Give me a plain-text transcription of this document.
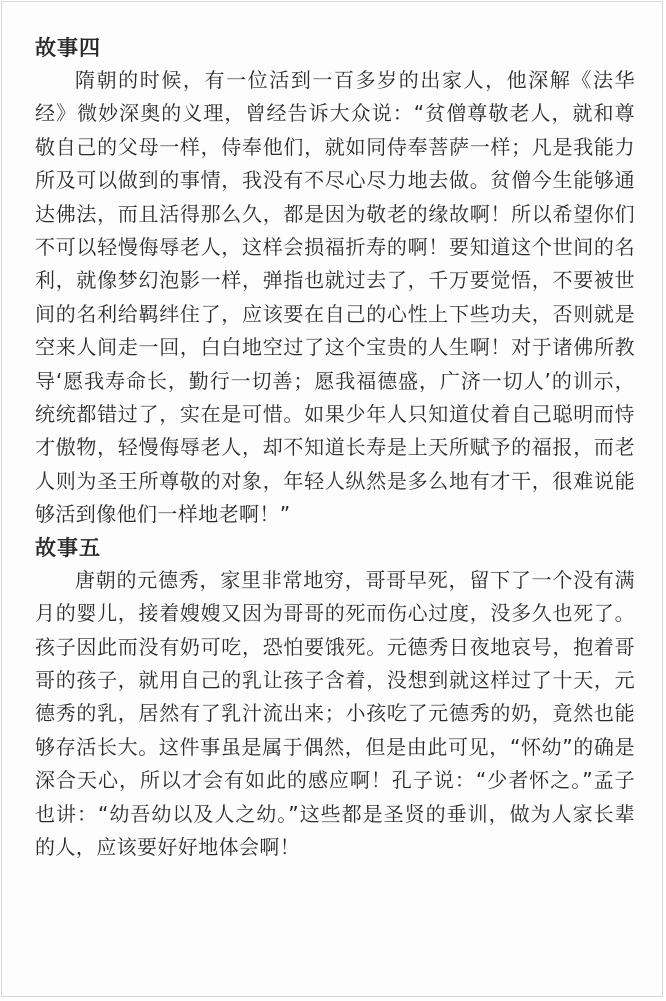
故事四

隋朝的时候，有一位活到一百多岁的出家人，他深解《法华经》微妙深奥的义理，曾经告诉大众说：“贫僧尊敬老人，就和尊敬自己的父母一样，侍奉他们，就如同侍奉菩萨一样；凡是我能力所及可以做到的事情，我没有不尽心尽力地去做。贫僧今生能够通达佛法，而且活得那么久，都是因为敬老的缘故啊！所以希望你们不可以轻慢侮辱老人，这样会损福折寿的啊！要知道这个世间的名利，就像梦幻泡影一样，弹指也就过去了，千万要觉悟，不要被世间的名利给羁绊住了，应该要在自己的心性上下些功夫，否则就是空来人间走一回，白白地空过了这个宝贵的人生啊！对于诸佛所教导‘愿我寿命长，勤行一切善；愿我福德盛，广济一切人’的训示，统统都错过了，实在是可惜。如果少年人只知道仗着自己聪明而恃才傲物，轻慢侮辱老人，却不知道长寿是上天所赋予的福报，而老人则为圣王所尊敬的对象，年轻人纵然是多么地有才干，很难说能够活到像他们一样地老啊！”

故事五

唐朝的元德秀，家里非常地穷，哥哥早死，留下了一个没有满月的婴儿，接着嫂嫂又因为哥哥的死而伤心过度，没多久也死了。孩子因此而没有奶可吃，恐怕要饿死。元德秀日夜地哀号，抱着哥哥的孩子，就用自己的乳让孩子含着，没想到就这样过了十天，元德秀的乳，居然有了乳汁流出来；小孩吃了元德秀的奶，竟然也能够存活长大。这件事虽是属于偶然，但是由此可见，“怀幼”的确是深合天心，所以才会有如此的感应啊！孔子说：“少者怀之。”孟子也讲：“幼吾幼以及人之幼。”这些都是圣贤的垂训，做为人家长辈的人，应该要好好地体会啊！
